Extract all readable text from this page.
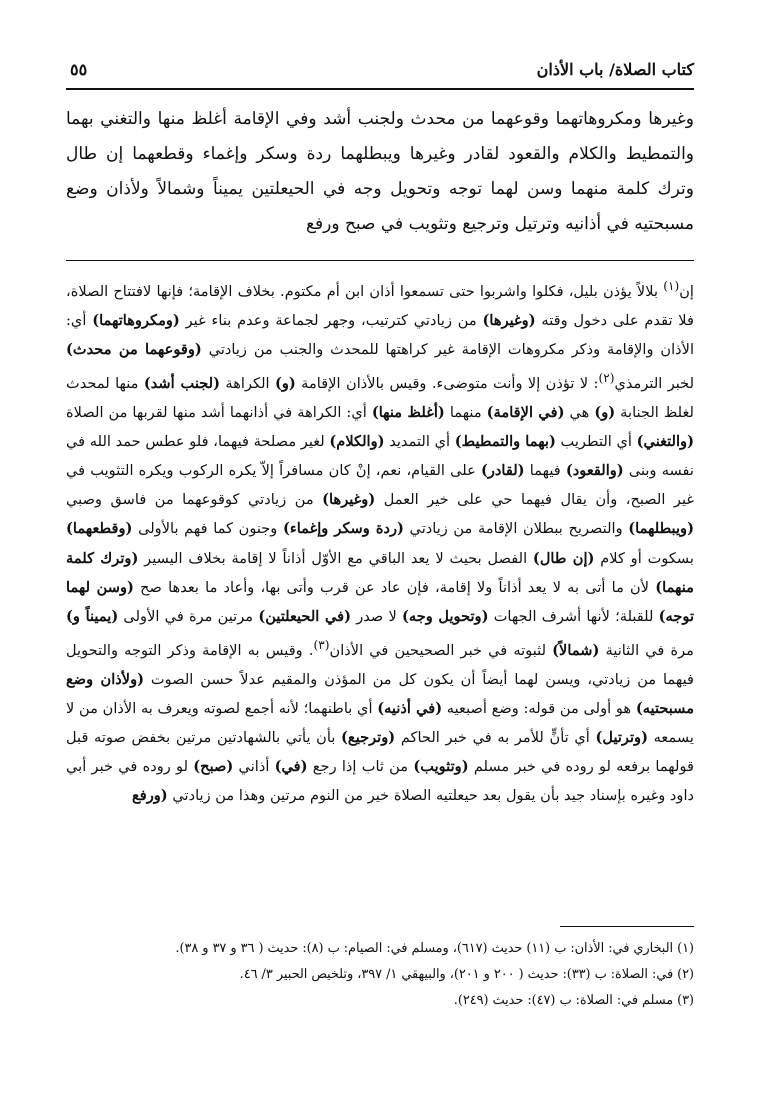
كتاب الصلاة/ باب الأذان
٥٥

وغيرها ومكروهاتهما وقوعهما من محدث ولجنب أشد وفي الإقامة أغلظ منها والتغني بهما والتمطيط والكلام والقعود لقادر وغيرها ويبطلهما ردة وسكر وإغماء وقطعهما إن طال وترك كلمة منهما وسن لهما توجه وتحويل وجه في الحيعلتين يميناً وشمالاً ولأذان وضع مسبحتيه في أذانيه وترتيل وترجيع وتثويب في صبح ورفع

إن$^{(١)}$ بلالاً يؤذن بليل، فكلوا واشربوا حتى تسمعوا أذان ابن أم مكتوم. بخلاف الإقامة؛ فإنها لافتتاح الصلاة، فلا تقدم على دخول وقته (وغيرها) من زيادتي كترتيب، وجهر لجماعة وعدم بناء غير (ومكروهاتهما) أي: الأذان والإقامة وذكر مكروهات الإقامة غير كراهتها للمحدث والجنب من زيادتي (وقوعهما من محدث) لخبر الترمذي$^{(٢)}$: لا تؤذن إلا وأنت متوضىء. وقيس بالأذان الإقامة (و) الكراهة (لجنب أشد) منها لمحدث لغلظ الجنابة (و) هي (في الإقامة) منهما (أغلظ منها) أي: الكراهة في أذانهما أشد منها لقربها من الصلاة (والتغني) أي التطريب (بهما والتمطيط) أي التمديد (والكلام) لغير مصلحة فيهما، فلو عطس حمد الله في نفسه وبنى (والقعود) فيهما (لقادر) على القيام، نعم، إنْ كان مسافراً إلاّ يكره الركوب ويكره التثويب في غير الصبح، وأن يقال فيهما حي على خير العمل (وغيرها) من زيادتي كوقوعهما من فاسق وصبي (ويبطلهما) والتصريح ببطلان الإقامة من زيادتي (ردة وسكر وإغماء) وجنون كما فهم بالأولى (وقطعهما) بسكوت أو كلام (إن طال) الفصل بحيث لا يعد الباقي مع الأوّل أذاناً لا إقامة بخلاف اليسير (وترك كلمة منهما) لأن ما أتى به لا يعد أذاناً ولا إقامة، فإن عاد عن قرب وأتى بها، وأعاد ما بعدها صح (وسن لهما توجه) للقبلة؛ لأنها أشرف الجهات (وتحويل وجه) لا صدر (في الحيعلتين) مرتين مرة في الأولى (يميناً و) مرة في الثانية (شمالاً) لثبوته في خبر الصحيحين في الأذان$^{(٣)}$. وقيس به الإقامة وذكر التوجه والتحويل فيهما من زيادتي، ويسن لهما أيضاً أن يكون كل من المؤذن والمقيم عدلاً حسن الصوت (ولأذان وضع مسبحتيه) هو أولى من قوله: وضع أصبعيه (في أذنيه) أي باطنهما؛ لأنه أجمع لصوته ويعرف به الأذان من لا يسمعه (وترتيل) أي تأنٍّ للأمر به في خبر الحاكم (وترجيع) بأن يأتي بالشهادتين مرتين بخفض صوته قبل قولهما برفعه لو روده في خبر مسلم (وتثويب) من ثاب إذا رجع (في) أذاني (صبح) لو روده في خبر أبي داود وغيره بإسناد جيد بأن يقول بعد حيعلتيه الصلاة خير من النوم مرتين وهذا من زيادتي (ورفع

(١) البخاري في: الأذان: ب (١١) حديث (٦١٧)، ومسلم في: الصيام: ب (٨): حديث ( ٣٦ و ٣٧ و ٣٨).
(٢) في: الصلاة: ب (٣٣): حديث ( ٢٠٠ و ٢٠١)، والبيهقي ١/ ٣٩٧، وتلخيص الحبير ٣/ ٤٦.
(٣) مسلم في: الصلاة: ب (٤٧): حديث (٢٤٩).
